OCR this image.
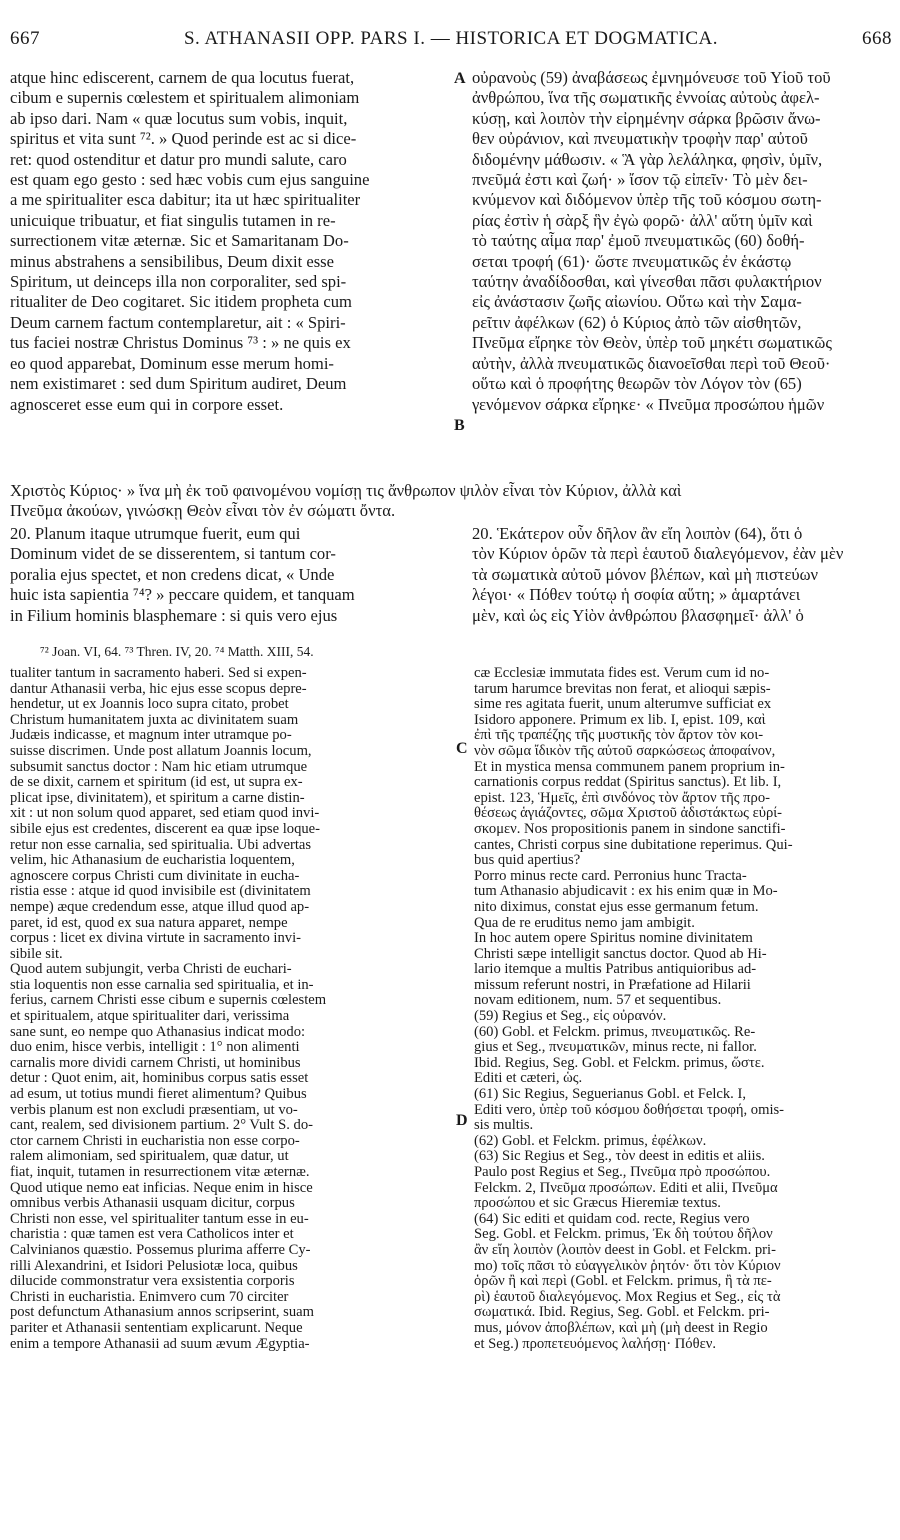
667	S. ATHANASII OPP. PARS I. — HISTORICA ET DOGMATICA.	668
atque hinc ediscerent, carnem de qua locutus fuerat,
cibum e supernis cœlestem et spiritualem alimoniam
ab ipso dari. Nam « quæ locutus sum vobis, inquit,
spiritus et vita sunt ⁷². » Quod perinde est ac si dice-
ret: quod ostenditur et datur pro mundi salute, caro
est quam ego gesto : sed hæc vobis cum ejus sanguine
a me spiritualiter esca dabitur; ita ut hæc spiritualiter
unicuique tribuatur, et fiat singulis tutamen in re-
surrectionem vitæ æternæ. Sic et Samaritanam Do-
minus abstrahens a sensibilibus, Deum dixit esse
Spiritum, ut deinceps illa non corporaliter, sed spi-
ritualiter de Deo cogitaret. Sic itidem propheta cum
Deum carnem factum contemplaretur, ait : « Spiri-
tus faciei nostræ Christus Dominus ⁷³ : » ne quis ex
eo quod apparebat, Dominum esse merum homi-
nem existimaret : sed dum Spiritum audiret, Deum
agnosceret esse eum qui in corpore esset.
οὐρανοὺς (59) ἀναβάσεως ἐμνημόνευσε τοῦ Υἱοῦ τοῦ
ἀνθρώπου, ἵνα τῆς σωματικῆς ἐννοίας αὐτοὺς ἀφελ-
κύσῃ, καὶ λοιπὸν τὴν εἰρημένην σάρκα βρῶσιν ἄνω-
θεν οὐράνιον, καὶ πνευματικὴν τροφὴν παρ' αὐτοῦ
διδομένην μάθωσιν. « Ἃ γὰρ λελάληκα, φησὶν, ὑμῖν,
πνεῦμά ἐστι καὶ ζωή· » ἴσον τῷ εἰπεῖν· Τὸ μὲν δει-
κνύμενον καὶ διδόμενον ὑπὲρ τῆς τοῦ κόσμου σωτη-
ρίας ἐστὶν ἡ σὰρξ ἣν ἐγὼ φορῶ· ἀλλ' αὕτη ὑμῖν καὶ
τὸ ταύτης αἷμα παρ' ἐμοῦ πνευματικῶς (60) δοθή-
σεται τροφή (61)· ὥστε πνευματικῶς ἐν ἑκάστῳ
ταύτην ἀναδίδοσθαι, καὶ γίνεσθαι πᾶσι φυλακτήριον
εἰς ἀνάστασιν ζωῆς αἰωνίου. Οὕτω καὶ τὴν Σαμα-
ρεῖτιν ἀφέλκων (62) ὁ Κύριος ἀπὸ τῶν αἰσθητῶν,
Πνεῦμα εἴρηκε τὸν Θεὸν, ὑπὲρ τοῦ μηκέτι σωματικῶς
αὐτὴν, ἀλλὰ πνευματικῶς διανοεῖσθαι περὶ τοῦ Θεοῦ·
οὕτω καὶ ὁ προφήτης θεωρῶν τὸν Λόγον τὸν (65)
γενόμενον σάρκα εἴρηκε· « Πνεῦμα προσώπου ἡμῶν
A
B
C
D
Χριστὸς Κύριος· » ἵνα μὴ ἐκ τοῦ φαινομένου νομίσῃ τις ἄνθρωπον ψιλὸν εἶναι τὸν Κύριον, ἀλλὰ καὶ
Πνεῦμα ἀκούων, γινώσκῃ Θεὸν εἶναι τὸν ἐν σώματι ὄντα.
20. Planum itaque utrumque fuerit, eum qui
Dominum videt de se disserentem, si tantum cor-
poralia ejus spectet, et non credens dicat, « Unde
huic ista sapientia ⁷⁴? » peccare quidem, et tanquam
in Filium hominis blasphemare : si quis vero ejus
20. Ἑκάτερον οὖν δῆλον ἂν εἴη λοιπὸν (64), ὅτι ὁ
τὸν Κύριον ὁρῶν τὰ περὶ ἑαυτοῦ διαλεγόμενον, ἐὰν μὲν
τὰ σωματικὰ αὐτοῦ μόνον βλέπων, καὶ μὴ πιστεύων
λέγοι· « Πόθεν τούτῳ ἡ σοφία αὕτη; » ἁμαρτάνει
μὲν, καὶ ὡς εἰς Υἱὸν ἀνθρώπου βλασφημεῖ· ἀλλ' ὁ
⁷² Joan. VI, 64. ⁷³ Thren. IV, 20. ⁷⁴ Matth. XIII, 54.
tualiter tantum in sacramento haberi. Sed si expen-
dantur Athanasii verba, hic ejus esse scopus depre-
hendetur, ut ex Joannis loco supra citato, probet
Christum humanitatem juxta ac divinitatem suam
Judæis indicasse, et magnum inter utramque po-
suisse discrimen. Unde post allatum Joannis locum,
subsumit sanctus doctor : Nam hic etiam utrumque
de se dixit, carnem et spiritum (id est, ut supra ex-
plicat ipse, divinitatem), et spiritum a carne distin-
xit : ut non solum quod apparet, sed etiam quod invi-
sibile ejus est credentes, discerent ea quæ ipse loque-
retur non esse carnalia, sed spiritualia. Ubi advertas
velim, hic Athanasium de eucharistia loquentem,
agnoscere corpus Christi cum divinitate in eucha-
ristia esse : atque id quod invisibile est (divinitatem
nempe) æque credendum esse, atque illud quod ap-
paret, id est, quod ex sua natura apparet, nempe
corpus : licet ex divina virtute in sacramento invi-
sibile sit.
Quod autem subjungit, verba Christi de euchari-
stia loquentis non esse carnalia sed spiritualia, et in-
ferius, carnem Christi esse cibum e supernis cœlestem
et spiritualem, atque spiritualiter dari, verissima
sane sunt, eo nempe quo Athanasius indicat modo:
duo enim, hisce verbis, intelligit : 1° non alimenti
carnalis more dividi carnem Christi, ut hominibus
detur : Quot enim, ait, hominibus corpus satis esset
ad esum, ut totius mundi fieret alimentum? Quibus
verbis planum est non excludi præsentiam, ut vo-
cant, realem, sed divisionem partium. 2° Vult S. do-
ctor carnem Christi in eucharistia non esse corpo-
ralem alimoniam, sed spiritualem, quæ datur, ut
fiat, inquit, tutamen in resurrectionem vitæ æternæ.
Quod utique nemo eat inficias. Neque enim in hisce
omnibus verbis Athanasii usquam dicitur, corpus
Christi non esse, vel spiritualiter tantum esse in eu-
charistia : quæ tamen est vera Catholicos inter et
Calvinianos quæstio. Possemus plurima afferre Cy-
rilli Alexandrini, et Isidori Pelusiotæ loca, quibus
dilucide commonstratur vera exsistentia corporis
Christi in eucharistia. Enimvero cum 70 circiter
post defunctum Athanasium annos scripserint, suam
pariter et Athanasii sententiam explicarunt. Neque
enim a tempore Athanasii ad suum ævum Ægyptia-
cæ Ecclesiæ immutata fides est. Verum cum id no-
tarum harumce brevitas non ferat, et alioqui sæpis-
sime res agitata fuerit, unum alterumve sufficiat ex
Isidoro apponere. Primum ex lib. I, epist. 109, καὶ
ἐπὶ τῆς τραπέζης τῆς μυστικῆς τὸν ἄρτον τὸν κοι-
νὸν σῶμα ἴδικὸν τῆς αὐτοῦ σαρκώσεως ἀποφαίνον,
Et in mystica mensa communem panem proprium in-
carnationis corpus reddat (Spiritus sanctus). Et lib. I,
epist. 123, Ἡμεῖς, ἐπὶ σινδόνος τὸν ἄρτον τῆς προ-
θέσεως ἁγιάζοντες, σῶμα Χριστοῦ ἀδιστάκτως εὑρί-
σκομεν. Nos propositionis panem in sindone sanctifi-
cantes, Christi corpus sine dubitatione reperimus. Qui-
bus quid apertius?
Porro minus recte card. Perronius hunc Tracta-
tum Athanasio abjudicavit : ex his enim quæ in Mo-
nito diximus, constat ejus esse germanum fetum.
Qua de re eruditus nemo jam ambigit.
In hoc autem opere Spiritus nomine divinitatem
Christi sæpe intelligit sanctus doctor. Quod ab Hi-
lario itemque a multis Patribus antiquioribus ad-
missum referunt nostri, in Præfatione ad Hilarii
novam editionem, num. 57 et sequentibus.
(59) Regius et Seg., εἰς οὐρανόν.
(60) Gobl. et Felckm. primus, πνευματικῶς. Re-
gius et Seg., πνευματικῶν, minus recte, ni fallor.
Ibid. Regius, Seg. Gobl. et Felckm. primus, ὥστε.
Editi et cæteri, ὡς.
(61) Sic Regius, Seguerianus Gobl. et Felck. I,
Editi vero, ὑπὲρ τοῦ κόσμου δοθήσεται τροφή, omis-
sis multis.
(62) Gobl. et Felckm. primus, ἐφέλκων.
(63) Sic Regius et Seg., τὸν deest in editis et aliis.
Paulo post Regius et Seg., Πνεῦμα πρὸ προσώπου.
Felckm. 2, Πνεῦμα προσώπων. Editi et alii, Πνεῦμα
προσώπου et sic Græcus Hieremiæ textus.
(64) Sic editi et quidam cod. recte, Regius vero
Seg. Gobl. et Felckm. primus, Ἐκ δὴ τούτου δῆλον
ἂν εἴη λοιπὸν (λοιπὸν deest in Gobl. et Felckm. pri-
mo) τοῖς πᾶσι τὸ εὐαγγελικὸν ῥητόν· ὅτι τὸν Κύριον
ὁρῶν ἢ καὶ περὶ (Gobl. et Felckm. primus, ἢ τὰ πε-
ρὶ) ἑαυτοῦ διαλεγόμενος. Mox Regius et Seg., εἰς τὰ
σωματικά. Ibid. Regius, Seg. Gobl. et Felckm. pri-
mus, μόνον ἀποβλέπων, καὶ μὴ (μὴ deest in Regio
et Seg.) προπετευόμενος λαλήσῃ· Πόθεν.
